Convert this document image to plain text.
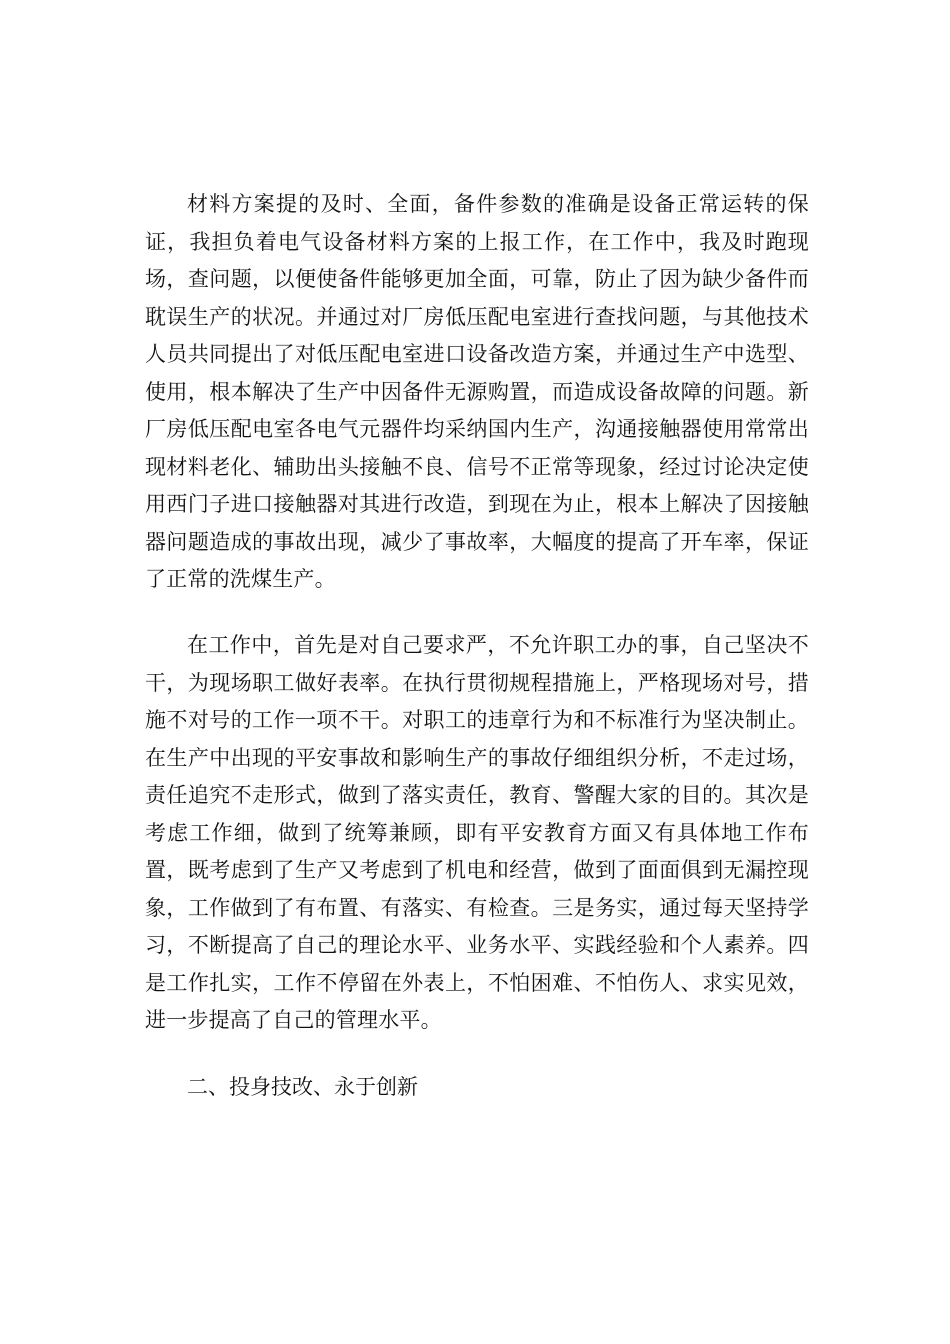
材料方案提的及时、全面，备件参数的准确是设备正常运转的保证，我担负着电气设备材料方案的上报工作，在工作中，我及时跑现场，查问题，以便使备件能够更加全面，可靠，防止了因为缺少备件而耽误生产的状况。并通过对厂房低压配电室进行查找问题，与其他技术人员共同提出了对低压配电室进口设备改造方案，并通过生产中选型、使用，根本解决了生产中因备件无源购置，而造成设备故障的问题。新厂房低压配电室各电气元器件均采纳国内生产，沟通接触器使用常常出现材料老化、辅助出头接触不良、信号不正常等现象，经过讨论决定使用西门子进口接触器对其进行改造，到现在为止，根本上解决了因接触器问题造成的事故出现，减少了事故率，大幅度的提高了开车率，保证了正常的洗煤生产。

在工作中，首先是对自己要求严，不允许职工办的事，自己坚决不干，为现场职工做好表率。在执行贯彻规程措施上，严格现场对号，措施不对号的工作一项不干。对职工的违章行为和不标准行为坚决制止。在生产中出现的平安事故和影响生产的事故仔细组织分析，不走过场，责任追究不走形式，做到了落实责任，教育、警醒大家的目的。其次是考虑工作细，做到了统筹兼顾，即有平安教育方面又有具体地工作布置，既考虑到了生产又考虑到了机电和经营，做到了面面俱到无漏控现象，工作做到了有布置、有落实、有检查。三是务实，通过每天坚持学习，不断提高了自己的理论水平、业务水平、实践经验和个人素养。四是工作扎实，工作不停留在外表上，不怕困难、不怕伤人、求实见效，进一步提高了自己的管理水平。

二、投身技改、永于创新
